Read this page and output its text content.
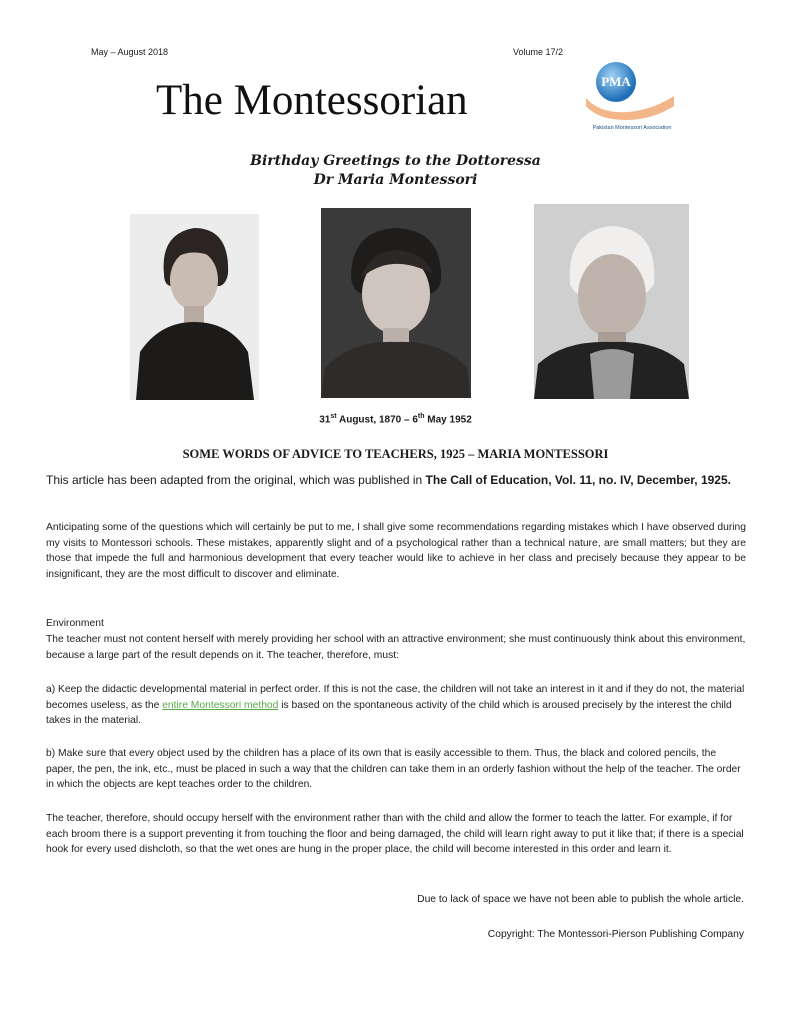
May – August 2018	Volume 17/2
The Montessorian	PMA
Pakistan Montessori Association
Birthday Greetings to the Dottoressa
Dr Maria Montessori
31st August, 1870 – 6th May 1952
SOME WORDS OF ADVICE TO TEACHERS, 1925 – MARIA MONTESSORI
This article has been adapted from the original, which was published in The Call of Education, Vol. 11, no. IV, December, 1925.
Anticipating some of the questions which will certainly be put to me, I shall give some recommendations regarding mistakes which I have observed during my visits to Montessori schools. These mistakes, apparently slight and of a psychological rather than a technical nature, are small matters; but they are those that impede the full and harmonious development that every teacher would like to achieve in her class and precisely because they appear to be insignificant, they are the most difficult to discover and eliminate.
Environment
The teacher must not content herself with merely providing her school with an attractive environment; she must continuously think about this environment, because a large part of the result depends on it. The teacher, therefore, must:
a) Keep the didactic developmental material in perfect order. If this is not the case, the children will not take an interest in it and if they do not, the material becomes useless, as the entire Montessori method is based on the spontaneous activity of the child which is aroused precisely by the interest the child takes in the material.
b) Make sure that every object used by the children has a place of its own that is easily accessible to them. Thus, the black and colored pencils, the paper, the pen, the ink, etc., must be placed in such a way that the children can take them in an orderly fashion without the help of the teacher. The order in which the objects are kept teaches order to the children.
The teacher, therefore, should occupy herself with the environment rather than with the child and allow the former to teach the latter. For example, if for each broom there is a support preventing it from touching the floor and being damaged, the child will learn right away to put it like that; if there is a special hook for every used dishcloth, so that the wet ones are hung in the proper place, the child will become interested in this order and learn it.
Due to lack of space we have not been able to publish the whole article.
Copyright: The Montessori-Pierson Publishing Company
